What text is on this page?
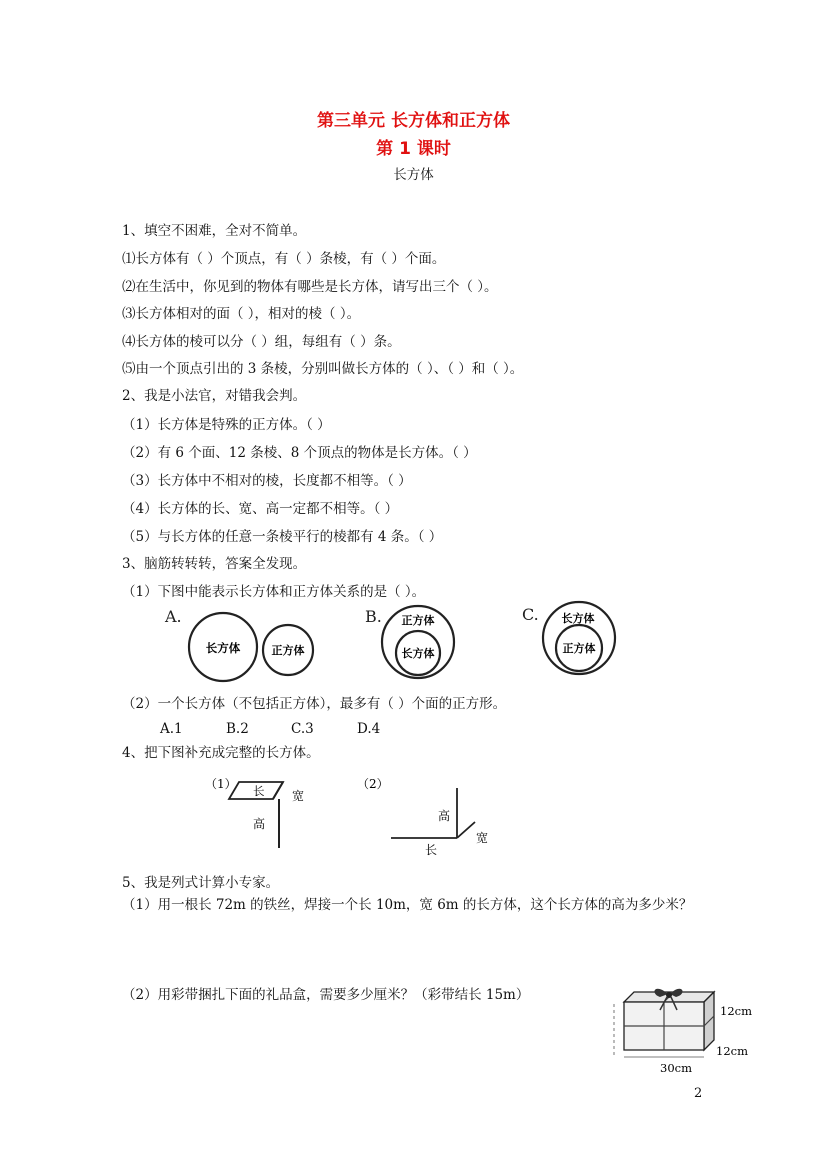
第三单元 长方体和正方体
第 1 课时
长方体
1、填空不困难，全对不简单。
⑴长方体有（ ）个顶点，有（ ）条棱，有（ ）个面。
⑵在生活中，你见到的物体有哪些是长方体，请写出三个（ ）。
⑶长方体相对的面（ ），相对的棱（ ）。
⑷长方体的棱可以分（ ）组，每组有（ ）条。
⑸由一个顶点引出的 3 条棱，分别叫做长方体的（ ）、（ ）和（ ）。
2、我是小法官，对错我会判。
（1）长方体是特殊的正方体。（ ）
（2）有 6 个面、12 条棱、8 个顶点的物体是长方体。（ ）
（3）长方体中不相对的棱，长度都不相等。（ ）
（4）长方体的长、宽、高一定都不相等。（ ）
（5）与长方体的任意一条棱平行的棱都有 4 条。（ ）
3、脑筋转转转，答案全发现。
（1）下图中能表示长方体和正方体关系的是（ ）。
A.
长方体	正方体
B. 正方体
长方体
C. 长方体
正方体
（2）一个长方体（不包括正方体），最多有（ ）个面的正方形。
A.1	B.2	C.3	D.4
4、把下图补充成完整的长方体。
（1） 长 宽
高
（2）
高
宽
长
5、我是列式计算小专家。
（1）用一根长 72m 的铁丝，焊接一个长 10m，宽 6m 的长方体，这个长方体的高为多少米？
（2）用彩带捆扎下面的礼品盒，需要多少厘米？（彩带结长 15m）
12cm
12cm
30cm
2
